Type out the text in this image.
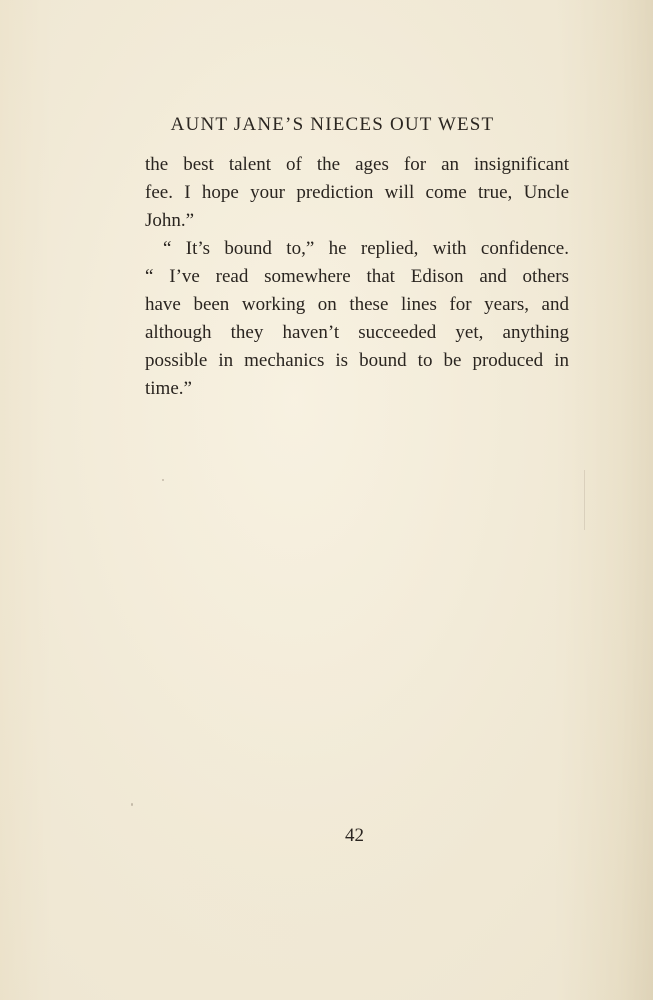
AUNT JANE’S NIECES OUT WEST
the best talent of the ages for an insignificant
fee. I hope your prediction will come true, Uncle
John.”
“ It’s bound to,” he replied, with confidence.
“ I’ve read somewhere that Edison and others
have been working on these lines for years, and
although they haven’t succeeded yet, anything
possible in mechanics is bound to be produced in
time.”
42
